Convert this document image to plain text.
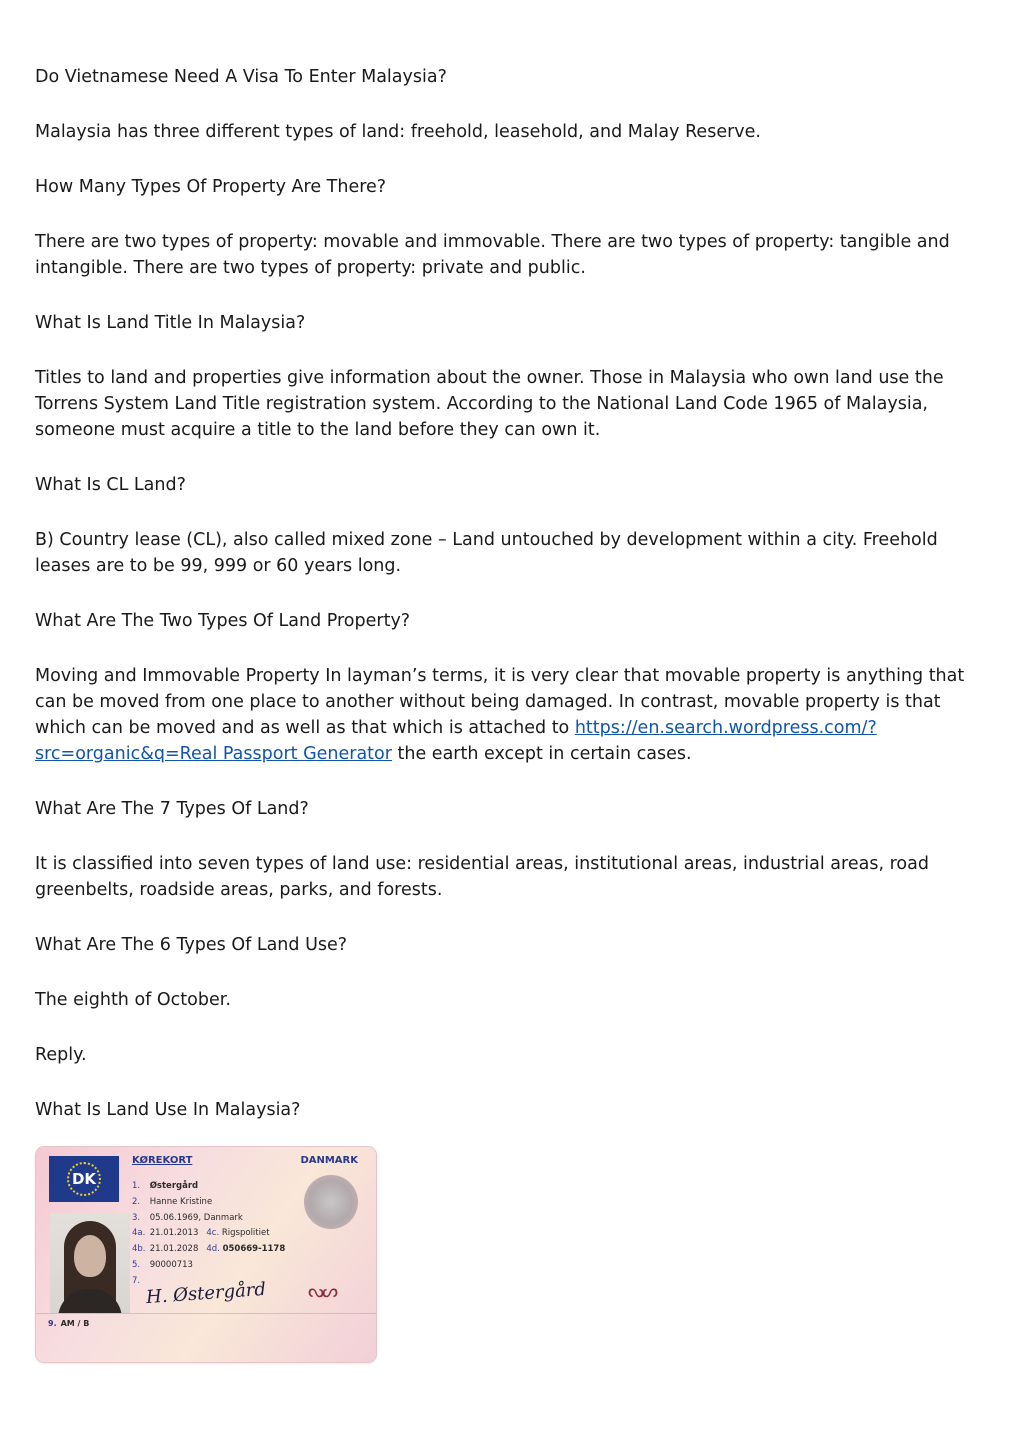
Do Vietnamese Need A Visa To Enter Malaysia?

Malaysia has three different types of land: freehold, leasehold, and Malay Reserve.

How Many Types Of Property Are There?

There are two types of property: movable and immovable. There are two types of property: tangible and intangible. There are two types of property: private and public.

What Is Land Title In Malaysia?

Titles to land and properties give information about the owner. Those in Malaysia who own land use the Torrens System Land Title registration system. According to the National Land Code 1965 of Malaysia, someone must acquire a title to the land before they can own it.

What Is CL Land?

B) Country lease (CL), also called mixed zone – Land untouched by development within a city. Freehold leases are to be 99, 999 or 60 years long.

What Are The Two Types Of Land Property?

Moving and Immovable Property In layman’s terms, it is very clear that movable property is anything that can be moved from one place to another without being damaged. In contrast, movable property is that which can be moved and as well as that which is attached to https://en.search.wordpress.com/?src=organic&q=Real Passport Generator the earth except in certain cases.

What Are The 7 Types Of Land?

It is classified into seven types of land use: residential areas, institutional areas, industrial areas, road greenbelts, roadside areas, parks, and forests.

What Are The 6 Types Of Land Use?

The eighth of October.

Reply.

What Is Land Use In Malaysia?

DK
KØREKORT	DANMARK
1. Østergård
2. Hanne Kristine
3. 05.06.1969, Danmark
4a. 21.01.2013 4c. Rigspolitiet
4b. 21.01.2028 4d. 050669-1178
5. 90000713
7. H. Østergård ᔓᔕ
9. AM / B
